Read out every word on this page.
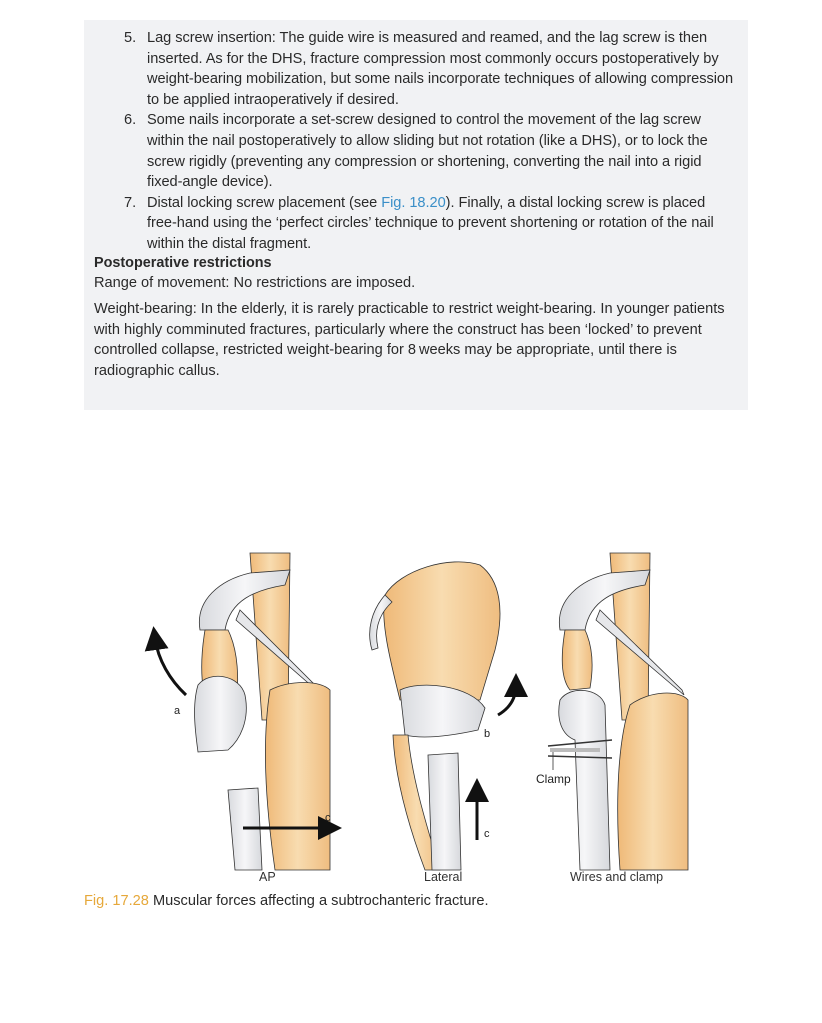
5. Lag screw insertion: The guide wire is measured and reamed, and the lag screw is then inserted. As for the DHS, fracture compression most commonly occurs postoperatively by weight-bearing mobilization, but some nails incorporate techniques of allowing compression to be applied intraoperatively if desired.
6. Some nails incorporate a set-screw designed to control the movement of the lag screw within the nail postoperatively to allow sliding but not rotation (like a DHS), or to lock the screw rigidly (preventing any compression or shortening, converting the nail into a rigid fixed-angle device).
7. Distal locking screw placement (see Fig. 18.20). Finally, a distal locking screw is placed free-hand using the ‘perfect circles’ technique to prevent shortening or rotation of the nail within the distal fragment.
Postoperative restrictions
Range of movement: No restrictions are imposed.
Weight-bearing: In the elderly, it is rarely practicable to restrict weight-bearing. In younger patients with highly comminuted fractures, particularly where the construct has been ‘locked’ to prevent controlled collapse, restricted weight-bearing for 8 weeks may be appropriate, until there is radiographic callus.
a
c
b
c
Clamp
AP	Lateral	Wires and clamp
Fig. 17.28 Muscular forces affecting a subtrochanteric fracture.
